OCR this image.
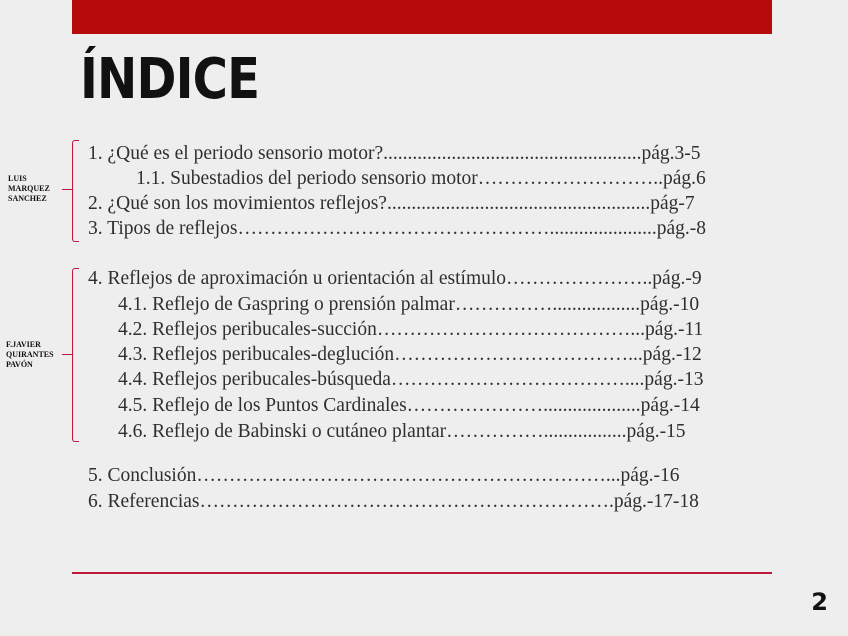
ÍNDICE
LUIS
MARQUEZ
SANCHEZ
F.JAVIER
QUIRANTES
PAVÓN
1. ¿Qué es el periodo sensorio motor?.....................................................pág.3-5
1.1. Subestadios del periodo sensorio motor………………………..pág.6
2. ¿Qué son los movimientos reflejos?......................................................pág-7
3. Tipos de reflejos…………………………………………......................pág.-8
4. Reflejos de aproximación u orientación al estímulo…………………..pág.-9
4.1. Reflejo de Gaspring o prensión palmar……………..................pág.-10
4.2. Reflejos peribucales-succión…………………………………...pág.-11
4.3. Reflejos peribucales-deglución………………………………...pág.-12
4.4. Reflejos peribucales-búsqueda………………………………....pág.-13
4.5. Reflejo de los Puntos Cardinales…………………....................pág.-14
4.6. Reflejo de Babinski o cutáneo plantar…………….................pág.-15
5. Conclusión………………………………………………………...pág.-16
6. Referencias……………………………………………………….pág.-17-18
2
